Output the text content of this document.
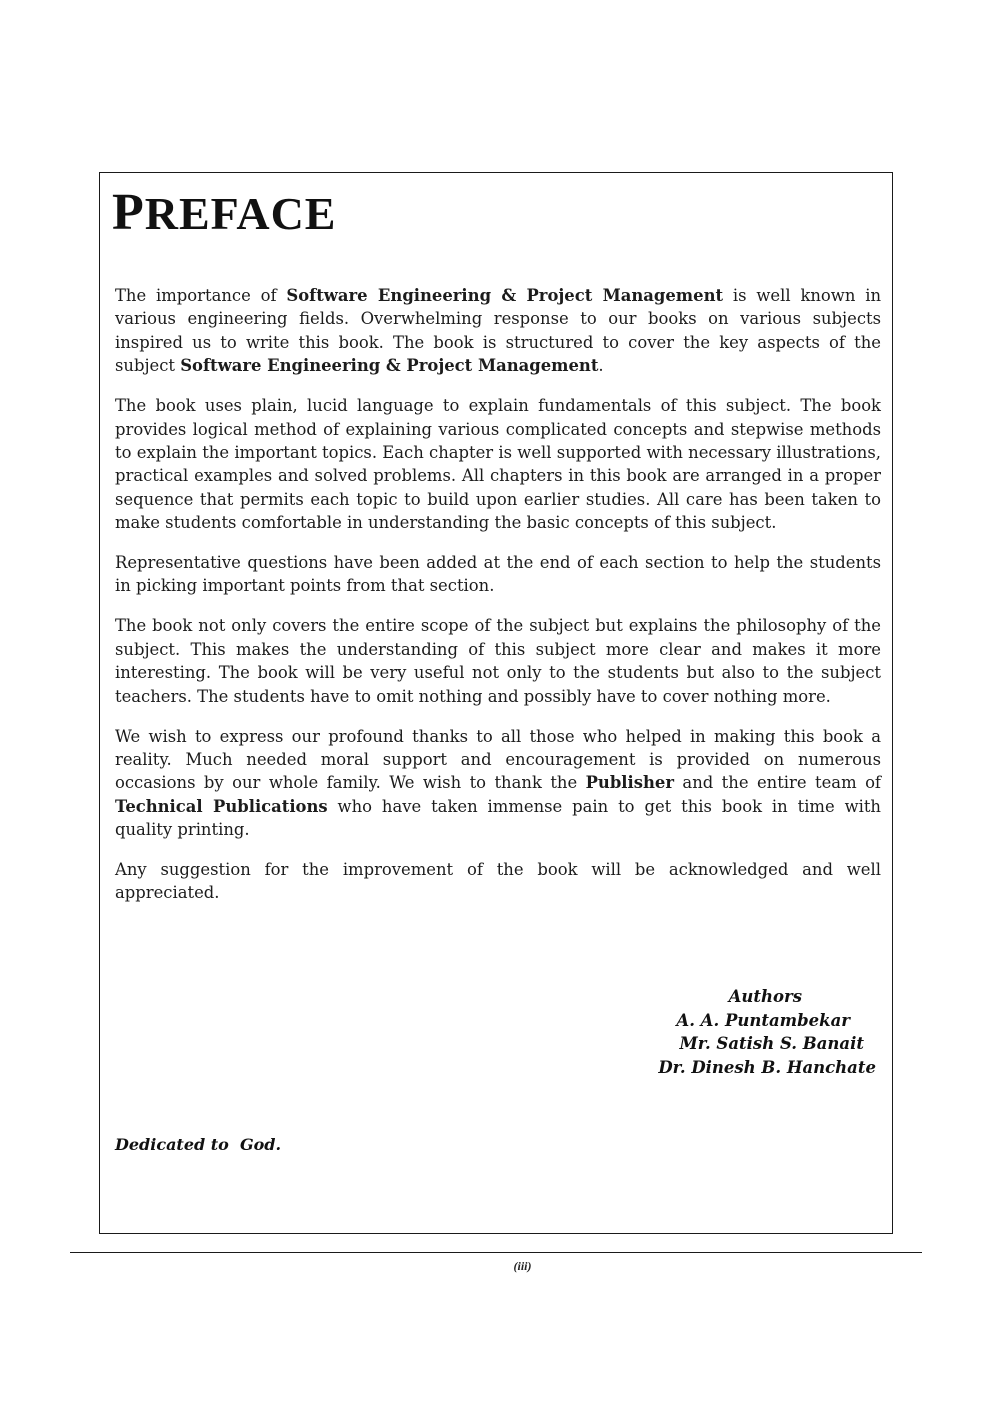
PREFACE

The importance of Software Engineering & Project Management is well known in various engineering fields. Overwhelming response to our books on various subjects inspired us to write this book. The book is structured to cover the key aspects of the subject Software Engineering & Project Management.

The book uses plain, lucid language to explain fundamentals of this subject. The book provides logical method of explaining various complicated concepts and stepwise methods to explain the important topics. Each chapter is well supported with necessary illustrations, practical examples and solved problems. All chapters in this book are arranged in a proper sequence that permits each topic to build upon earlier studies. All care has been taken to make students comfortable in understanding the basic concepts of this subject.

Representative questions have been added at the end of each section to help the students in picking important points from that section.

The book not only covers the entire scope of the subject but explains the philosophy of the subject. This makes the understanding of this subject more clear and makes it more interesting. The book will be very useful not only to the students but also to the subject teachers. The students have to omit nothing and possibly have to cover nothing more.

We wish to express our profound thanks to all those who helped in making this book a reality. Much needed moral support and encouragement is provided on numerous occasions by our whole family. We wish to thank the Publisher and the entire team of Technical Publications who have taken immense pain to get this book in time with quality printing.

Any suggestion for the improvement of the book will be acknowledged and well appreciated.

Authors
A. A. Puntambekar
Mr. Satish S. Banait
Dr. Dinesh B. Hanchate
Dedicated to  God.
(iii)
